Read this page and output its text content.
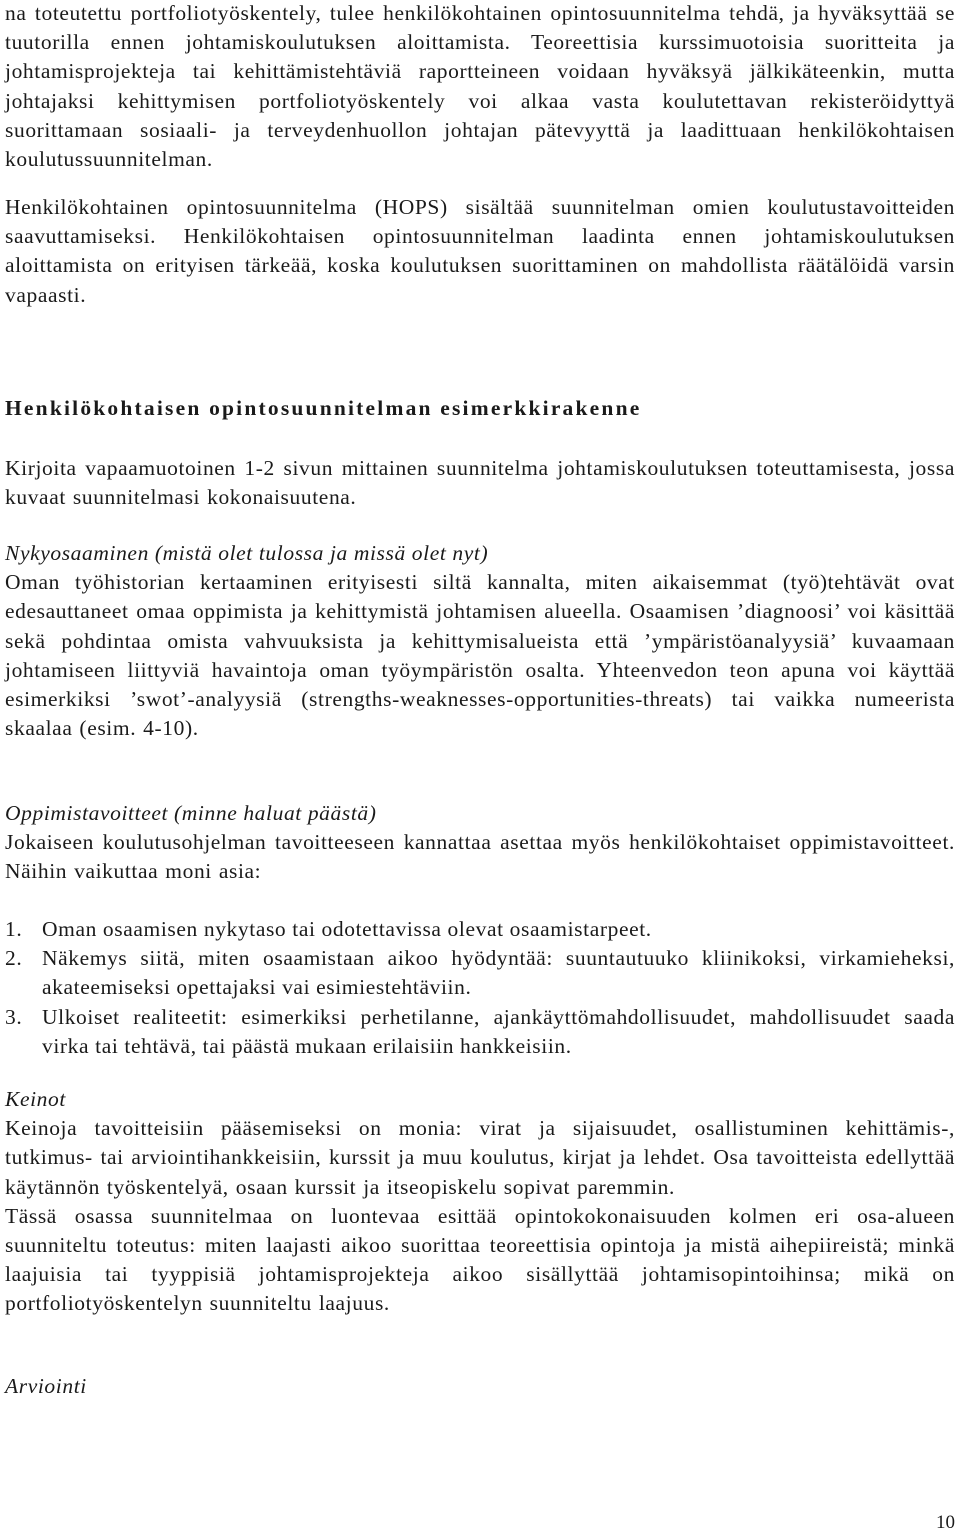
na toteutettu portfoliotyöskentely, tulee henkilökohtainen opintosuunnitelma tehdä, ja hyväksyttää se tuutorilla ennen johtamiskoulutuksen aloittamista. Teoreettisia kurssimuotoisia suoritteita ja johtamisprojekteja tai kehittämistehtäviä raportteineen voidaan hyväksyä jälkikäteenkin, mutta johtajaksi kehittymisen portfoliotyöskentely voi alkaa vasta koulutettavan rekisteröidyttyä suorittamaan sosiaali- ja terveydenhuollon johtajan pätevyyttä ja laadittuaan henkilökohtaisen koulutussuunnitelman.

Henkilökohtainen opintosuunnitelma (HOPS) sisältää suunnitelman omien koulutustavoitteiden saavuttamiseksi. Henkilökohtaisen opintosuunnitelman laadinta ennen johtamiskoulutuksen aloittamista on erityisen tärkeää, koska koulutuksen suorittaminen on mahdollista räätälöidä varsin vapaasti.

Henkilökohtaisen opintosuunnitelman esimerkkirakenne

Kirjoita vapaamuotoinen 1-2 sivun mittainen suunnitelma johtamiskoulutuksen toteuttamisesta, jossa kuvaat suunnitelmasi kokonaisuutena.

Nykyosaaminen (mistä olet tulossa ja missä olet nyt)

Oman työhistorian kertaaminen erityisesti siltä kannalta, miten aikaisemmat (työ)tehtävät ovat edesauttaneet omaa oppimista ja kehittymistä johtamisen alueella. Osaamisen ’diagnoosi’ voi käsittää sekä pohdintaa omista vahvuuksista ja kehittymisalueista että ’ympäristöanalyysiä’ kuvaamaan johtamiseen liittyviä havaintoja oman työympäristön osalta. Yhteenvedon teon apuna voi käyttää esimerkiksi ’swot’-analyysiä (strengths-weaknesses-opportunities-threats) tai vaikka numeerista skaalaa (esim. 4-10).

Oppimistavoitteet (minne haluat päästä)

Jokaiseen koulutusohjelman tavoitteeseen kannattaa asettaa myös henkilökohtaiset oppimistavoitteet. Näihin vaikuttaa moni asia:

1. Oman osaamisen nykytaso tai odotettavissa olevat osaamistarpeet.
2. Näkemys siitä, miten osaamistaan aikoo hyödyntää: suuntautuuko kliinikoksi, virkamieheksi, akateemiseksi opettajaksi vai esimiestehtäviin.
3. Ulkoiset realiteetit: esimerkiksi perhetilanne, ajankäyttömahdollisuudet, mahdollisuudet saada virka tai tehtävä, tai päästä mukaan erilaisiin hankkeisiin.
Keinot

Keinoja tavoitteisiin pääsemiseksi on monia: virat ja sijaisuudet, osallistuminen kehittämis-, tutkimus- tai arviointihankkeisiin, kurssit ja muu koulutus, kirjat ja lehdet. Osa tavoitteista edellyttää käytännön työskentelyä, osaan kurssit ja itseopiskelu sopivat paremmin.

Tässä osassa suunnitelmaa on luontevaa esittää opintokokonaisuuden kolmen eri osa-alueen suunniteltu toteutus: miten laajasti aikoo suorittaa teoreettisia opintoja ja mistä aihepiireistä; minkä laajuisia tai tyyppisiä johtamisprojekteja aikoo sisällyttää johtamisopintoihinsa; mikä on portfoliotyöskentelyn suunniteltu laajuus.

Arviointi
10
